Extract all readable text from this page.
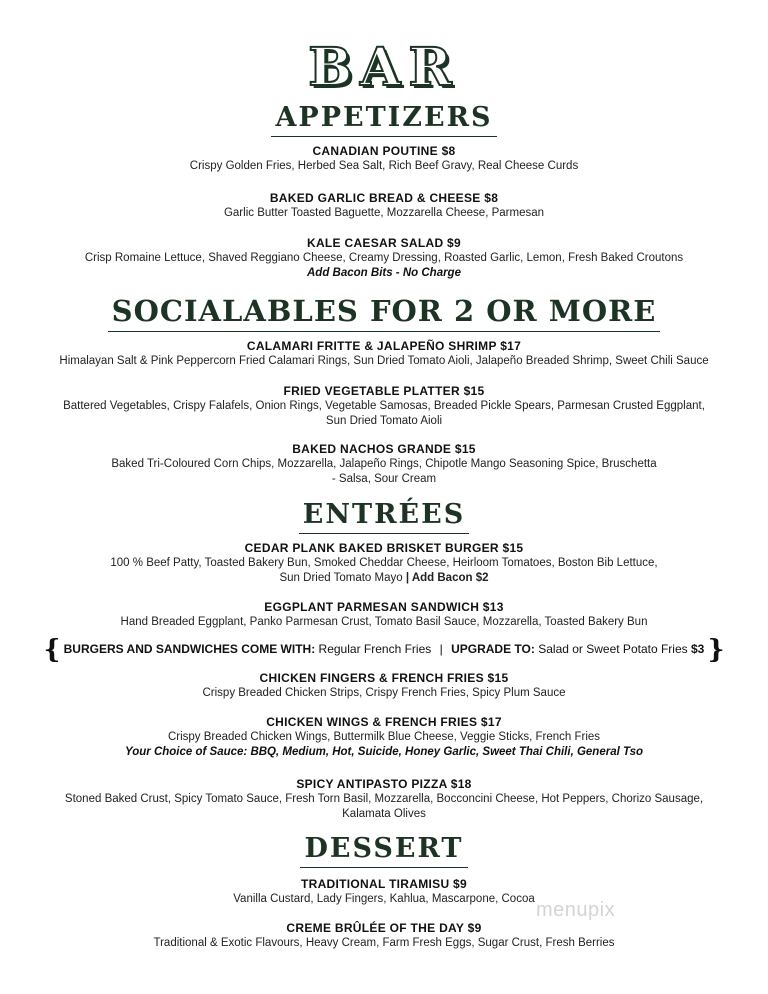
BAR
APPETIZERS
CANADIAN POUTINE $8
Crispy Golden Fries, Herbed Sea Salt, Rich Beef Gravy, Real Cheese Curds
BAKED GARLIC BREAD & CHEESE $8
Garlic Butter Toasted Baguette, Mozzarella Cheese, Parmesan
KALE CAESAR SALAD $9
Crisp Romaine Lettuce, Shaved Reggiano Cheese, Creamy Dressing, Roasted Garlic, Lemon, Fresh Baked Croutons
Add Bacon Bits - No Charge
SOCIALABLES FOR 2 OR MORE
CALAMARI FRITTE & JALAPEÑO SHRIMP $17
Himalayan Salt & Pink Peppercorn Fried Calamari Rings, Sun Dried Tomato Aioli, Jalapeño Breaded Shrimp, Sweet Chili Sauce
FRIED VEGETABLE PLATTER $15
Battered Vegetables, Crispy Falafels, Onion Rings, Vegetable Samosas, Breaded Pickle Spears, Parmesan Crusted Eggplant,
Sun Dried Tomato Aioli
BAKED NACHOS GRANDE $15
Baked Tri-Coloured Corn Chips, Mozzarella, Jalapeño Rings, Chipotle Mango Seasoning Spice, Bruschetta
- Salsa, Sour Cream
ENTRÉES
CEDAR PLANK BAKED BRISKET BURGER $15
100 % Beef Patty, Toasted Bakery Bun, Smoked Cheddar Cheese, Heirloom Tomatoes, Boston Bib Lettuce,
Sun Dried Tomato Mayo | Add Bacon $2
EGGPLANT PARMESAN SANDWICH $13
Hand Breaded Eggplant, Panko Parmesan Crust, Tomato Basil Sauce, Mozzarella, Toasted Bakery Bun
{ BURGERS AND SANDWICHES COME WITH: Regular French Fries | UPGRADE TO: Salad or Sweet Potato Fries $3 }
CHICKEN FINGERS & FRENCH FRIES $15
Crispy Breaded Chicken Strips, Crispy French Fries, Spicy Plum Sauce
CHICKEN WINGS & FRENCH FRIES $17
Crispy Breaded Chicken Wings, Buttermilk Blue Cheese, Veggie Sticks, French Fries
Your Choice of Sauce: BBQ, Medium, Hot, Suicide, Honey Garlic, Sweet Thai Chili, General Tso
SPICY ANTIPASTO PIZZA $18
Stoned Baked Crust, Spicy Tomato Sauce, Fresh Torn Basil, Mozzarella, Bocconcini Cheese, Hot Peppers, Chorizo Sausage,
Kalamata Olives
DESSERT
TRADITIONAL TIRAMISU $9
Vanilla Custard, Lady Fingers, Kahlua, Mascarpone, Cocoa
CREME BRÛLÉE OF THE DAY $9
Traditional & Exotic Flavours, Heavy Cream, Farm Fresh Eggs, Sugar Crust, Fresh Berries
menupix
